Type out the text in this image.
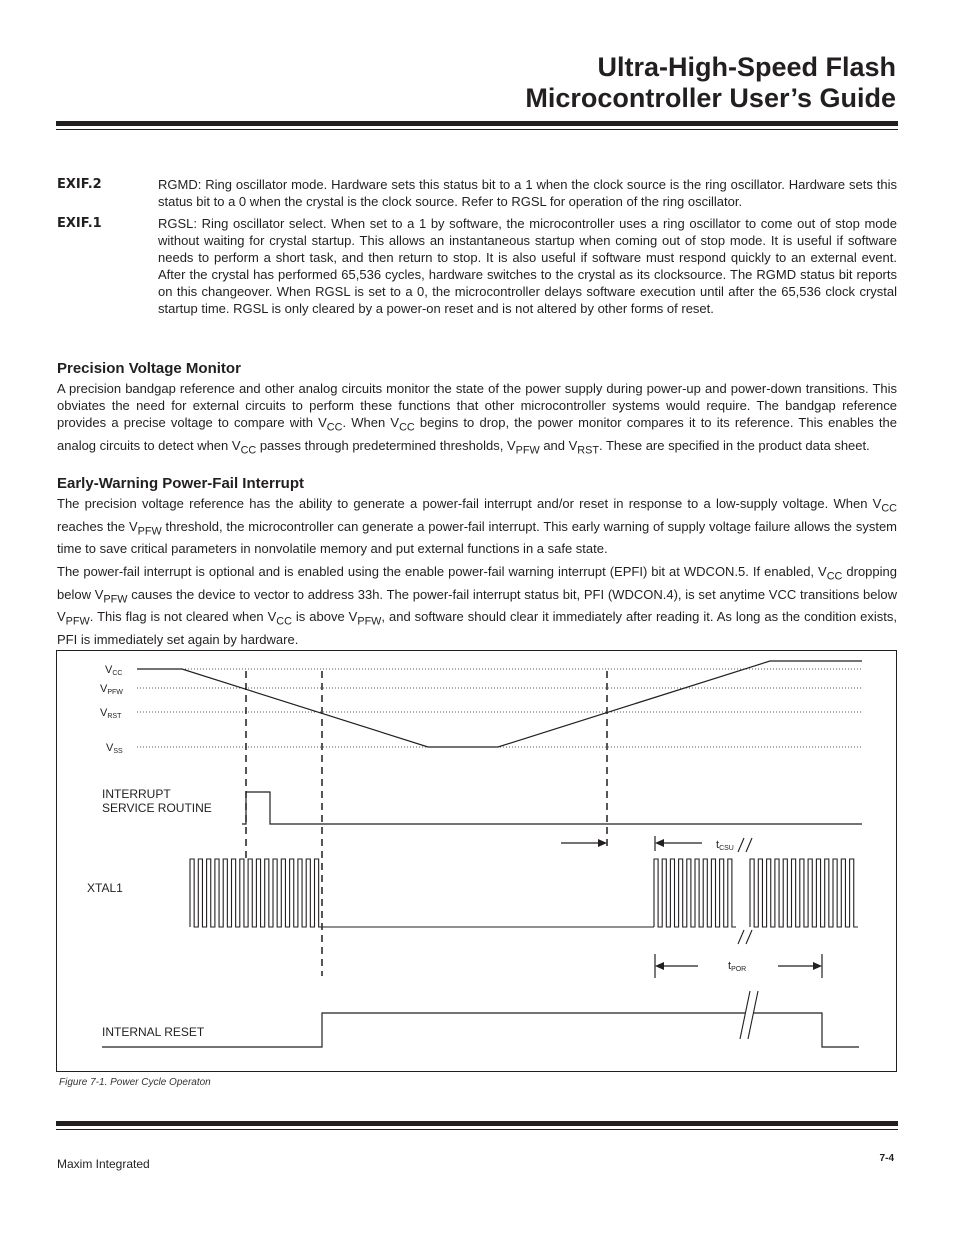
Ultra-High-Speed Flash
Microcontroller User’s Guide
EXIF.2	RGMD: Ring oscillator mode. Hardware sets this status bit to a 1 when the clock source is the ring oscillator. Hardware sets this status bit to a 0 when the crystal is the clock source. Refer to RGSL for operation of the ring oscillator.
EXIF.1	RGSL: Ring oscillator select. When set to a 1 by software, the microcontroller uses a ring oscillator to come out of stop mode without waiting for crystal startup. This allows an instantaneous startup when coming out of stop mode. It is useful if software needs to perform a short task, and then return to stop. It is also useful if software must respond quickly to an external event. After the crystal has performed 65,536 cycles, hardware switches to the crystal as its clocksource. The RGMD status bit reports on this changeover. When RGSL is set to a 0, the microcontroller delays software execution until after the 65,536 clock crystal startup time. RGSL is only cleared by a power-on reset and is not altered by other forms of reset.
Precision Voltage Monitor

A precision bandgap reference and other analog circuits monitor the state of the power supply during power-up and power-down transitions. This obviates the need for external circuits to perform these functions that other microcontroller systems would require. The bandgap reference provides a precise voltage to compare with $V_{CC}$. When $V_{CC}$ begins to drop, the power monitor compares it to its reference. This enables the analog circuits to detect when $V_{CC}$ passes through predetermined thresholds, $V_{PFW}$ and $V_{RST}$. These are specified in the product data sheet.

Early-Warning Power-Fail Interrupt

The precision voltage reference has the ability to generate a power-fail interrupt and/or reset in response to a low-supply voltage. When $V_{CC}$ reaches the $V_{PFW}$ threshold, the microcontroller can generate a power-fail interrupt. This early warning of supply voltage failure allows the system time to save critical parameters in nonvolatile memory and put external functions in a safe state.

The power-fail interrupt is optional and is enabled using the enable power-fail warning interrupt (EPFI) bit at WDCON.5. If enabled, $V_{CC}$ dropping below $V_{PFW}$ causes the device to vector to address 33h. The power-fail interrupt status bit, PFI (WDCON.4), is set anytime VCC transitions below $V_{PFW}$. This flag is not cleared when $V_{CC}$ is above $V_{PFW}$, and software should clear it immediately after reading it. As long as the condition exists, PFI is immediately set again by hardware.

VCC
VPFW
VRST
VSS
INTERRUPT
SERVICE ROUTINE
XTAL1
tCSU
tPOR
INTERNAL RESET
Figure 7-1. Power Cycle Operaton
Maxim Integrated	7-4
